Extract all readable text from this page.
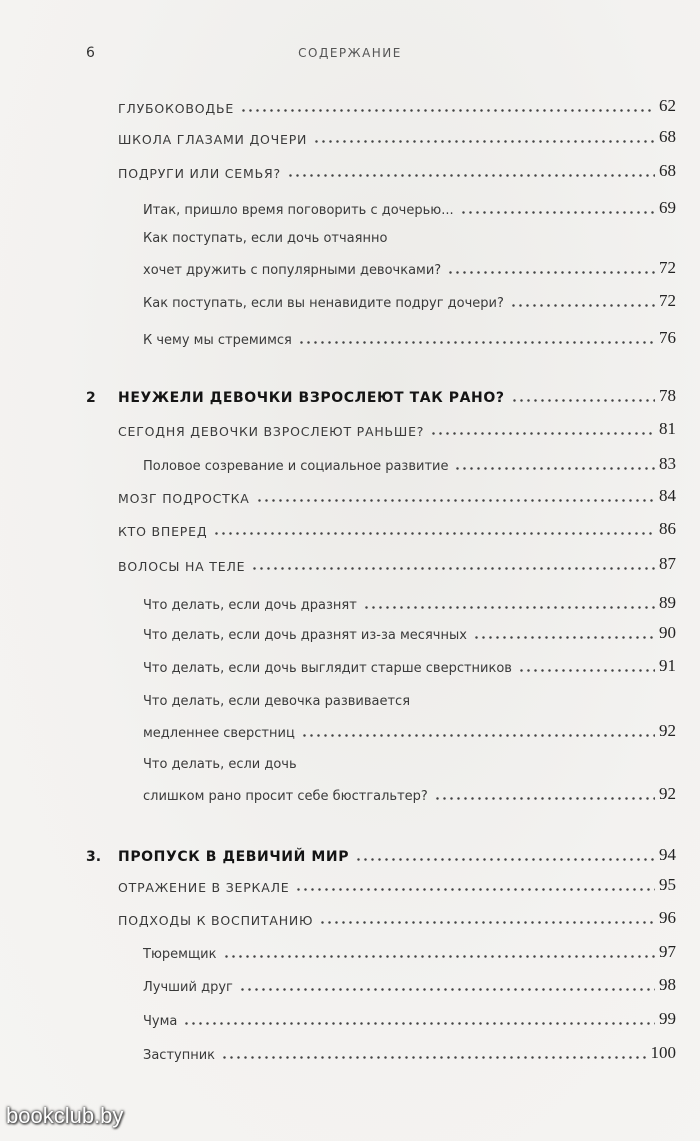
6	СОДЕРЖАНИЕ
ГЛУБОКОВОДЬЕ	62
ШКОЛА ГЛАЗАМИ ДОЧЕРИ	68
ПОДРУГИ ИЛИ СЕМЬЯ?	68
Итак, пришло время поговорить с дочерью...	69
Как поступать, если дочь отчаянно
хочет дружить с популярными девочками?	72
Как поступать, если вы ненавидите подруг дочери?	72
К чему мы стремимся	76
2 НЕУЖЕЛИ ДЕВОЧКИ ВЗРОСЛЕЮТ ТАК РАНО?	78
СЕГОДНЯ ДЕВОЧКИ ВЗРОСЛЕЮТ РАНЬШЕ?	81
Половое созревание и социальное развитие	83
МОЗГ ПОДРОСТКА	84
КТО ВПЕРЕД	86
ВОЛОСЫ НА ТЕЛЕ	87
Что делать, если дочь дразнят	89
Что делать, если дочь дразнят из-за месячных	90
Что делать, если дочь выглядит старше сверстников	91
Что делать, если девочка развивается
медленнее сверстниц	92
Что делать, если дочь
слишком рано просит себе бюстгальтер?	92
3. ПРОПУСК В ДЕВИЧИЙ МИР	94
ОТРАЖЕНИЕ В ЗЕРКАЛЕ	95
ПОДХОДЫ К ВОСПИТАНИЮ	96
Тюремщик	97
Лучший друг	98
Чума	99
Заступник	100
bookclub.by
